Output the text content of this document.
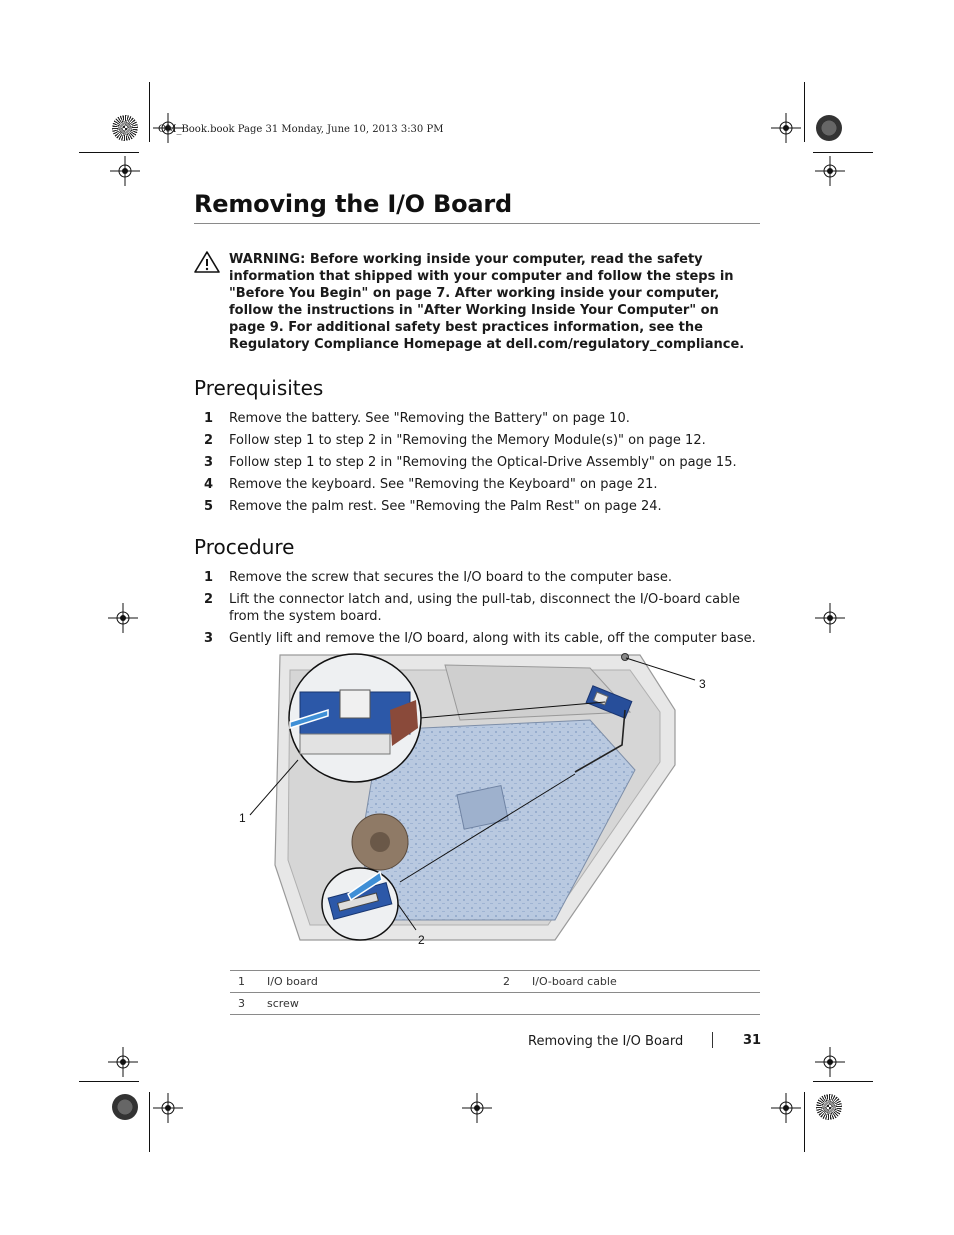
OM_Book.book Page 31 Monday, June 10, 2013 3:30 PM
Removing the I/O Board
WARNING: Before working inside your computer, read the safety information that shipped with your computer and follow the steps in "Before You Begin" on page 7. After working inside your computer, follow the instructions in "After Working Inside Your Computer" on page 9. For additional safety best practices information, see the Regulatory Compliance Homepage at dell.com/regulatory_compliance.
Prerequisites
1 Remove the battery. See "Removing the Battery" on page 10.
2 Follow step 1 to step 2 in "Removing the Memory Module(s)" on page 12.
3 Follow step 1 to step 2 in "Removing the Optical-Drive Assembly" on page 15.
4 Remove the keyboard. See "Removing the Keyboard" on page 21.
5 Remove the palm rest. See "Removing the Palm Rest" on page 24.
Procedure
1 Remove the screw that secures the I/O board to the computer base.
2 Lift the connector latch and, using the pull-tab, disconnect the I/O-board cable from the system board.
3 Gently lift and remove the I/O board, along with its cable, off the computer base.
1
2
3
1 I/O board	2 I/O-board cable
3 screw
Removing the I/O Board	31
